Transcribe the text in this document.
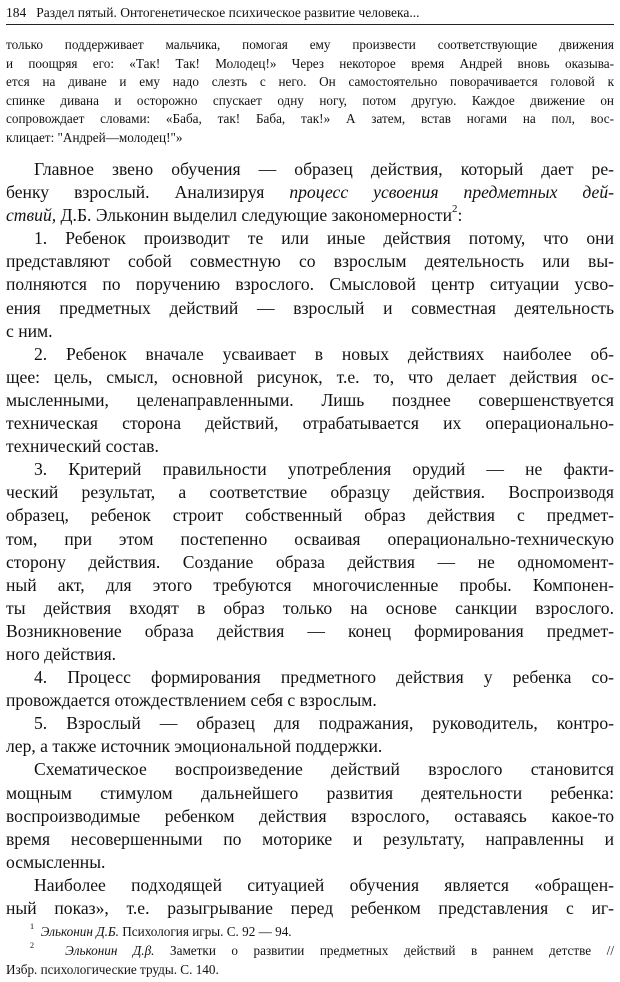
184 Раздел пятый. Онтогенетическое психическое развитие человека...
только поддерживает мальчика, помогая ему произвести соответствующие движения
и поощряя его: «Так! Так! Молодец!» Через некоторое время Андрей вновь оказыва-
ется на диване и ему надо слезть с него. Он самостоятельно поворачивается головой к
спинке дивана и осторожно спускает одну ногу, потом другую. Каждое движение он
сопровождает словами: «Баба, так! Баба, так!» А затем, встав ногами на пол, вос-
клицает: "Андрей—молодец!"»
Главное звено обучения — образец действия, который дает ре-
бенку взрослый. Анализируя процесс усвоения предметных дей-
ствий, Д.Б. Эльконин выделил следующие закономерности$^2$:
1. Ребенок производит те или иные действия потому, что они
представляют собой совместную со взрослым деятельность или вы-
полняются по поручению взрослого. Смысловой центр ситуации усво-
ения предметных действий — взрослый и совместная деятельность
с ним.
2. Ребенок вначале усваивает в новых действиях наиболее об-
щее: цель, смысл, основной рисунок, т.е. то, что делает действия ос-
мысленными, целенаправленными. Лишь позднее совершенствуется
техническая сторона действий, отрабатывается их операционально-
технический состав.
3. Критерий правильности употребления орудий — не факти-
ческий результат, а соответствие образцу действия. Воспроизводя
образец, ребенок строит собственный образ действия с предмет-
том, при этом постепенно осваивая операционально-техническую
сторону действия. Создание образа действия — не одномомент-
ный акт, для этого требуются многочисленные пробы. Компонен-
ты действия входят в образ только на основе санкции взрослого.
Возникновение образа действия — конец формирования предмет-
ного действия.
4. Процесс формирования предметного действия у ребенка со-
провождается отождествлением себя с взрослым.
5. Взрослый — образец для подражания, руководитель, контро-
лер, а также источник эмоциональной поддержки.
Схематическое воспроизведение действий взрослого становится
мощным стимулом дальнейшего развития деятельности ребенка:
воспроизводимые ребенком действия взрослого, оставаясь какое-то
время несовершенными по моторике и результату, направленны и
осмысленны.
Наиболее подходящей ситуацией обучения является «обращен-
ный показ», т.е. разыгрывание перед ребенком представления с иг-
$^1$ Эльконин Д.Б. Психология игры. С. 92 — 94.
$^2$ Эльконин Д.β. Заметки о развитии предметных действий в раннем детстве //
Избр. психологические труды. С. 140.
